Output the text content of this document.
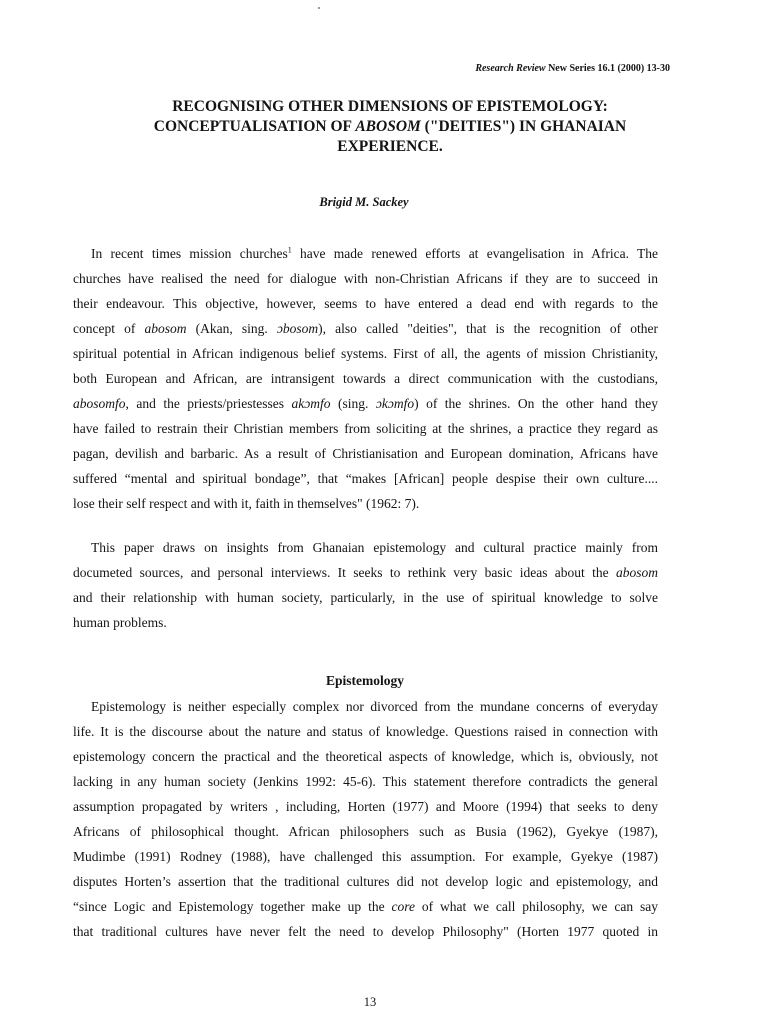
Research Review New Series 16.1 (2000) 13-30
RECOGNISING OTHER DIMENSIONS OF EPISTEMOLOGY:
CONCEPTUALISATION OF ABOSOM ("DEITIES") IN GHANAIAN
EXPERIENCE.
Brigid M. Sackey

In recent times mission churches$^1$ have made renewed efforts at evangelisation in Africa. The
churches have realised the need for dialogue with non-Christian Africans if they are to succeed in
their endeavour. This objective, however, seems to have entered a dead end with regards to the
concept of abosom (Akan, sing. ɔbosom), also called "deities", that is the recognition of other
spiritual potential in African indigenous belief systems. First of all, the agents of mission Christianity,
both European and African, are intransigent towards a direct communication with the custodians,
abosomfo, and the priests/priestesses akɔmfo (sing. ɔkɔmfo) of the shrines. On the other hand they
have failed to restrain their Christian members from soliciting at the shrines, a practice they regard as
pagan, devilish and barbaric. As a result of Christianisation and European domination, Africans have
suffered “mental and spiritual bondage”, that “makes [African] people despise their own culture....
lose their self respect and with it, faith in themselves" (1962: 7).

This paper draws on insights from Ghanaian epistemology and cultural practice mainly from
documeted sources, and personal interviews. It seeks to rethink very basic ideas about the abosom
and their relationship with human society, particularly, in the use of spiritual knowledge to solve
human problems.

Epistemology

Epistemology is neither especially complex nor divorced from the mundane concerns of everyday
life. It is the discourse about the nature and status of knowledge. Questions raised in connection with
epistemology concern the practical and the theoretical aspects of knowledge, which is, obviously, not
lacking in any human society (Jenkins 1992: 45-6). This statement therefore contradicts the general
assumption propagated by writers , including, Horten (1977) and Moore (1994) that seeks to deny
Africans of philosophical thought. African philosophers such as Busia (1962), Gyekye (1987),
Mudimbe (1991) Rodney (1988), have challenged this assumption. For example, Gyekye (1987)
disputes Horten’s assertion that the traditional cultures did not develop logic and epistemology, and
“since Logic and Epistemology together make up the core of what we call philosophy, we can say
that traditional cultures have never felt the need to develop Philosophy" (Horten 1977 quoted in

13
